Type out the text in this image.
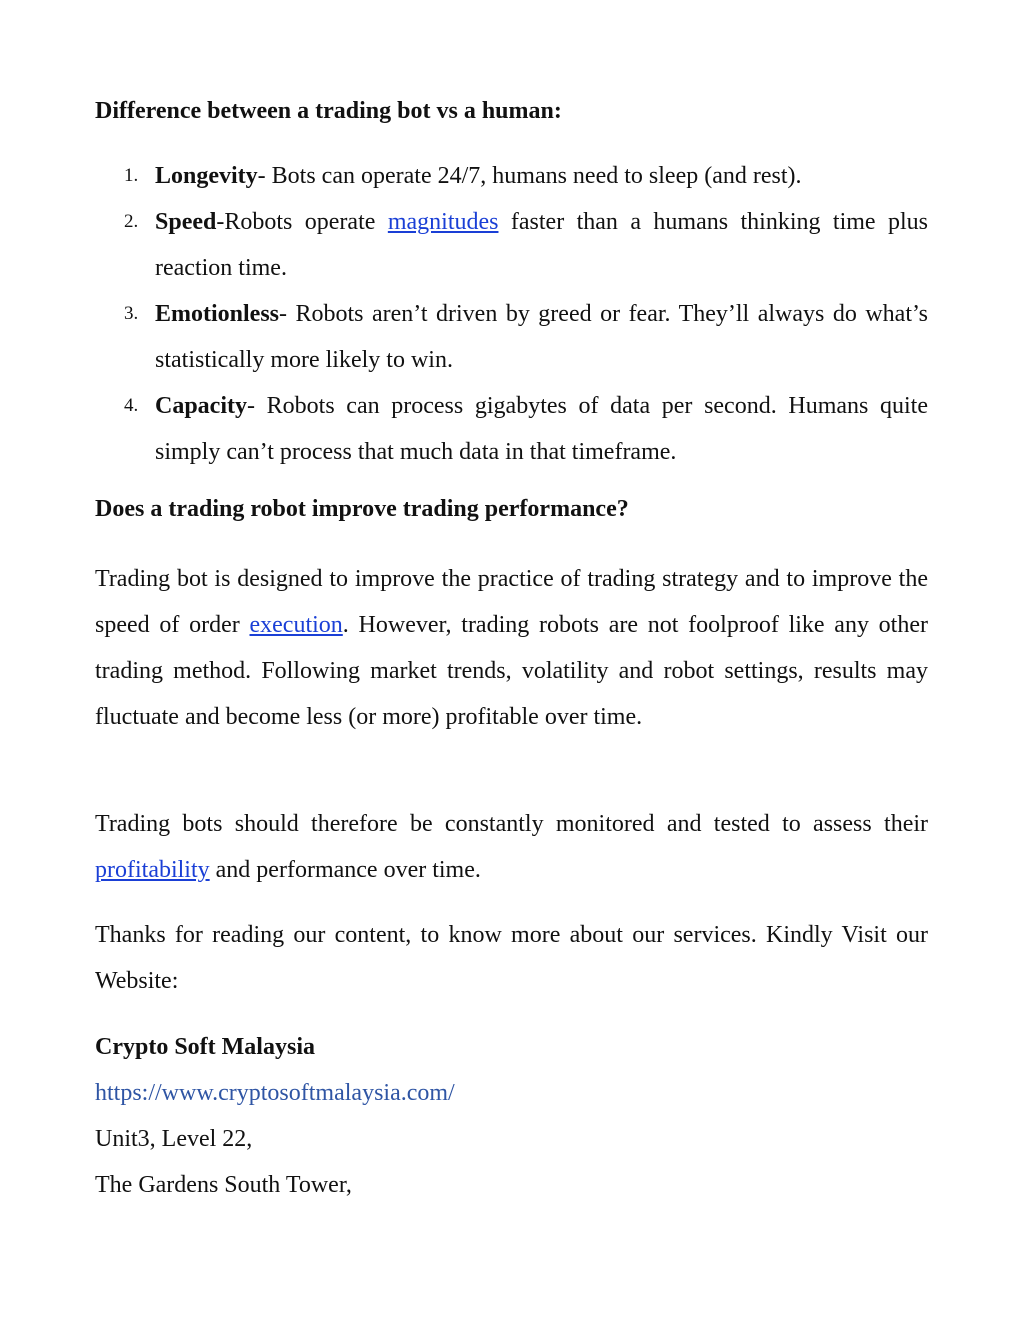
Difference between a trading bot vs a human:
1. Longevity- Bots can operate 24/7, humans need to sleep (and rest).
2. Speed-Robots operate magnitudes faster than a humans thinking time plus reaction time.
3. Emotionless- Robots aren’t driven by greed or fear. They’ll always do what’s statistically more likely to win.
4. Capacity- Robots can process gigabytes of data per second. Humans quite simply can’t process that much data in that timeframe.
Does a trading robot improve trading performance?

Trading bot is designed to improve the practice of trading strategy and to improve the speed of order execution. However, trading robots are not foolproof like any other trading method. Following market trends, volatility and robot settings, results may fluctuate and become less (or more) profitable over time.

Trading bots should therefore be constantly monitored and tested to assess their profitability and performance over time.

Thanks for reading our content, to know more about our services. Kindly Visit our Website:

Crypto Soft Malaysia

https://www.cryptosoftmalaysia.com/

Unit3, Level 22,

The Gardens South Tower,
